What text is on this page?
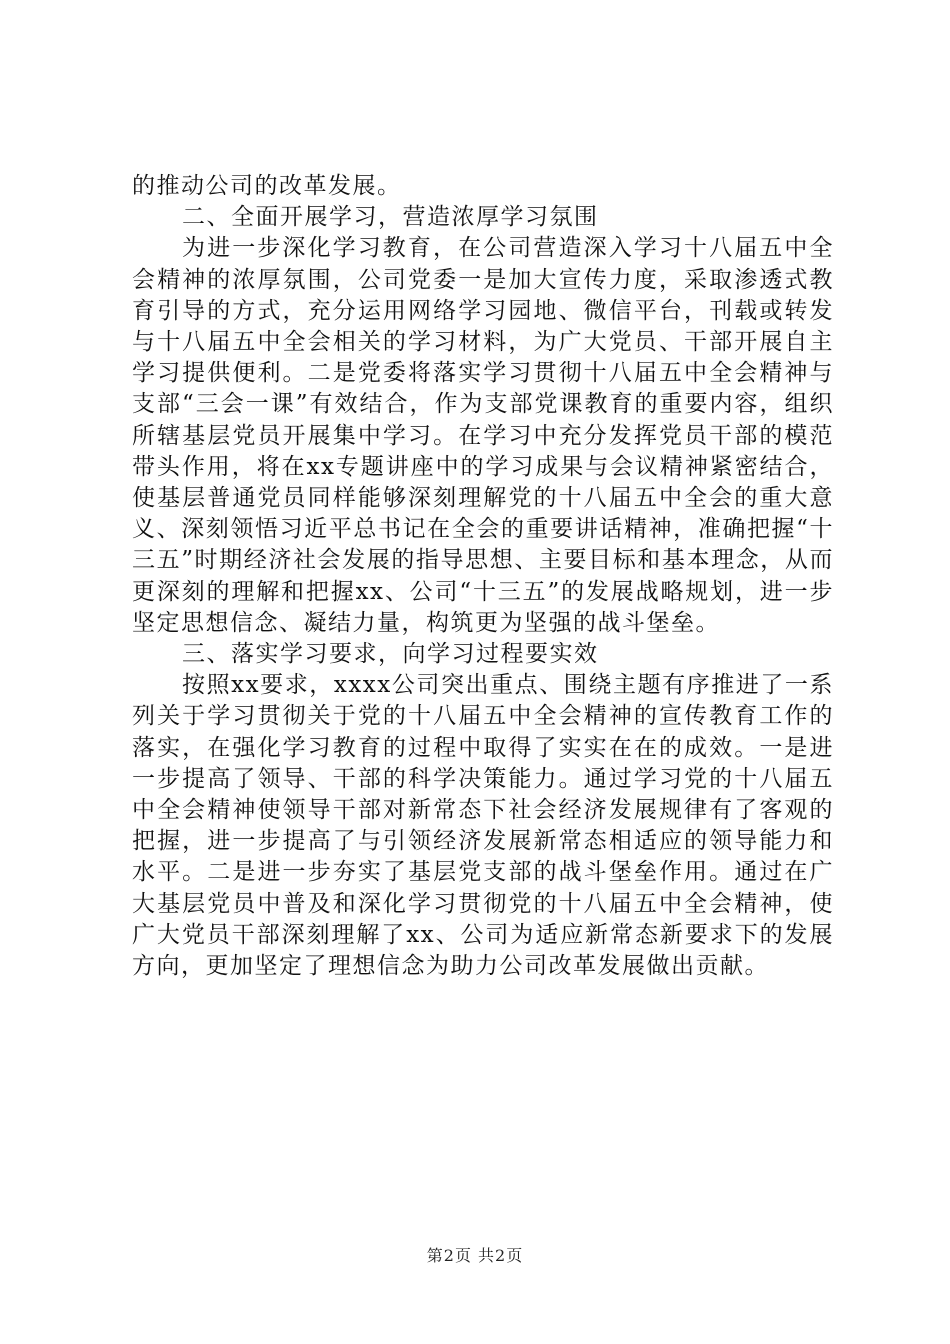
的推动公司的改革发展。

二、全面开展学习，营造浓厚学习氛围

为进一步深化学习教育，在公司营造深入学习十八届五中全会精神的浓厚氛围，公司党委一是加大宣传力度，采取渗透式教育引导的方式，充分运用网络学习园地、微信平台，刊载或转发与十八届五中全会相关的学习材料，为广大党员、干部开展自主学习提供便利。二是党委将落实学习贯彻十八届五中全会精神与支部“三会一课”有效结合，作为支部党课教育的重要内容，组织所辖基层党员开展集中学习。在学习中充分发挥党员干部的模范带头作用，将在xx专题讲座中的学习成果与会议精神紧密结合，使基层普通党员同样能够深刻理解党的十八届五中全会的重大意义、深刻领悟习近平总书记在全会的重要讲话精神，准确把握“十三五”时期经济社会发展的指导思想、主要目标和基本理念，从而更深刻的理解和把握xx、公司“十三五”的发展战略规划，进一步坚定思想信念、凝结力量，构筑更为坚强的战斗堡垒。

三、落实学习要求，向学习过程要实效

按照xx要求，xxxx公司突出重点、围绕主题有序推进了一系列关于学习贯彻关于党的十八届五中全会精神的宣传教育工作的落实，在强化学习教育的过程中取得了实实在在的成效。一是进一步提高了领导、干部的科学决策能力。通过学习党的十八届五中全会精神使领导干部对新常态下社会经济发展规律有了客观的把握，进一步提高了与引领经济发展新常态相适应的领导能力和水平。二是进一步夯实了基层党支部的战斗堡垒作用。通过在广大基层党员中普及和深化学习贯彻党的十八届五中全会精神，使广大党员干部深刻理解了xx、公司为适应新常态新要求下的发展方向，更加坚定了理想信念为助力公司改革发展做出贡献。

第2页 共2页
